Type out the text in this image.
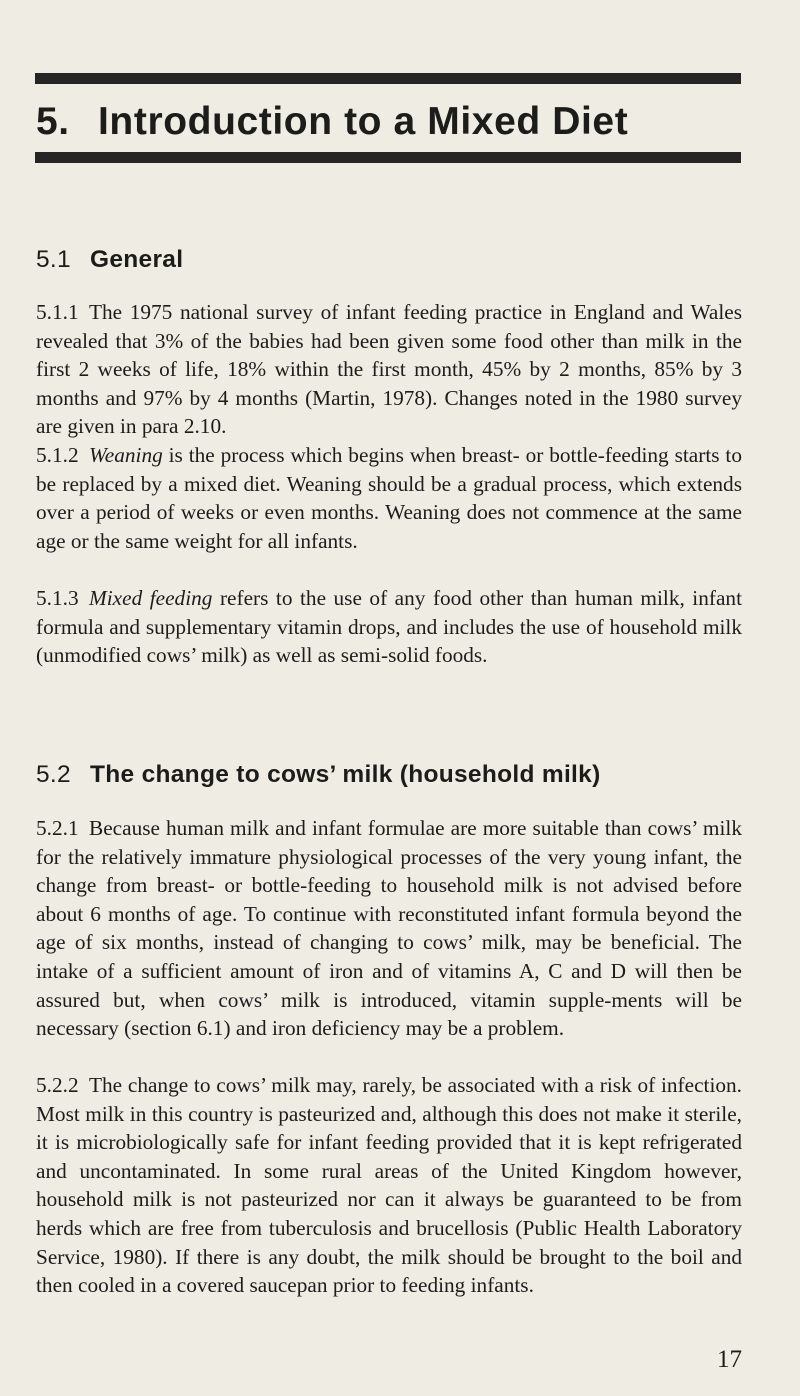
5. Introduction to a Mixed Diet
5.1 General

5.1.1 The 1975 national survey of infant feeding practice in England and Wales revealed that 3% of the babies had been given some food other than milk in the first 2 weeks of life, 18% within the first month, 45% by 2 months, 85% by 3 months and 97% by 4 months (Martin, 1978). Changes noted in the 1980 survey are given in para 2.10.

5.1.2 Weaning is the process which begins when breast- or bottle-feeding starts to be replaced by a mixed diet. Weaning should be a gradual process, which extends over a period of weeks or even months. Weaning does not commence at the same age or the same weight for all infants.

5.1.3 Mixed feeding refers to the use of any food other than human milk, infant formula and supplementary vitamin drops, and includes the use of household milk (unmodified cows’ milk) as well as semi-solid foods.

5.2 The change to cows’ milk (household milk)

5.2.1 Because human milk and infant formulae are more suitable than cows’ milk for the relatively immature physiological processes of the very young infant, the change from breast- or bottle-feeding to household milk is not advised before about 6 months of age. To continue with reconstituted infant formula beyond the age of six months, instead of changing to cows’ milk, may be beneficial. The intake of a sufficient amount of iron and of vitamins A, C and D will then be assured but, when cows’ milk is introduced, vitamin supple-ments will be necessary (section 6.1) and iron deficiency may be a problem.

5.2.2 The change to cows’ milk may, rarely, be associated with a risk of infection. Most milk in this country is pasteurized and, although this does not make it sterile, it is microbiologically safe for infant feeding provided that it is kept refrigerated and uncontaminated. In some rural areas of the United Kingdom however, household milk is not pasteurized nor can it always be guaranteed to be from herds which are free from tuberculosis and brucellosis (Public Health Laboratory Service, 1980). If there is any doubt, the milk should be brought to the boil and then cooled in a covered saucepan prior to feeding infants.

17
